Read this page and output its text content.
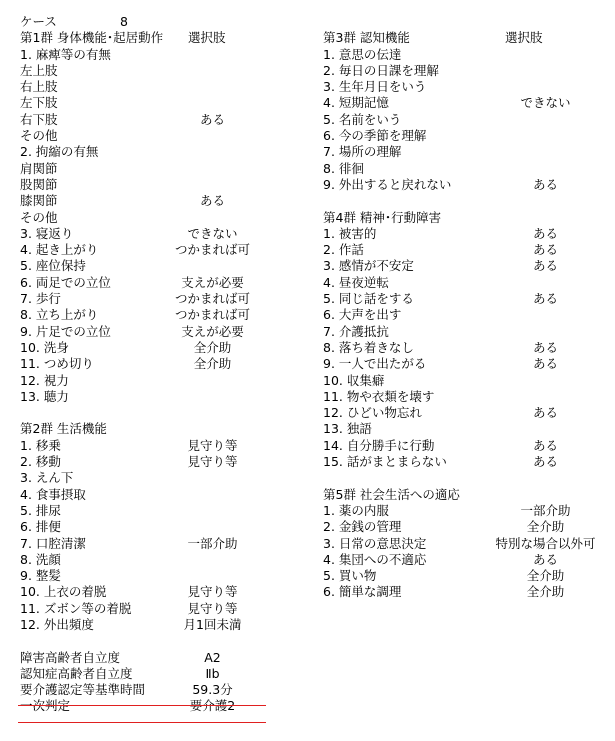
ケース	8
第1群 身体機能･起居動作 選択肢
1. 麻痺等の有無
左上肢
右上肢
左下肢
右下肢	ある
その他
2. 拘縮の有無
肩関節
股関節
膝関節	ある
その他
3. 寝返り	できない
4. 起き上がり	つかまれば可
5. 座位保持
6. 両足での立位	支えが必要
7. 歩行	つかまれば可
8. 立ち上がり	つかまれば可
9. 片足での立位	支えが必要
10. 洗身	全介助
11. つめ切り	全介助
12. 視力
13. 聴力
第2群 生活機能
1. 移乗	見守り等
2. 移動	見守り等
3. えん下
4. 食事摂取
5. 排尿
6. 排便
7. 口腔清潔	一部介助
8. 洗顔
9. 整髪
10. 上衣の着脱	見守り等
11. ズボン等の着脱	見守り等
12. 外出頻度	月1回未満
障害高齢者自立度	A2
認知症高齢者自立度	Ⅱb
要介護認定等基準時間	59.3分
一次判定	要介護2
第3群 認知機能	選択肢
1. 意思の伝達
2. 毎日の日課を理解
3. 生年月日をいう
4. 短期記憶	できない
5. 名前をいう
6. 今の季節を理解
7. 場所の理解
8. 徘徊
9. 外出すると戻れない	ある
第4群 精神･行動障害
1. 被害的	ある
2. 作話	ある
3. 感情が不安定	ある
4. 昼夜逆転
5. 同じ話をする	ある
6. 大声を出す
7. 介護抵抗
8. 落ち着きなし	ある
9. 一人で出たがる	ある
10. 収集癖
11. 物や衣類を壊す
12. ひどい物忘れ	ある
13. 独語
14. 自分勝手に行動	ある
15. 話がまとまらない	ある
第5群 社会生活への適応
1. 薬の内服	一部介助
2. 金銭の管理	全介助
3. 日常の意思決定	特別な場合以外可
4. 集団への不適応	ある
5. 買い物	全介助
6. 簡単な調理	全介助
